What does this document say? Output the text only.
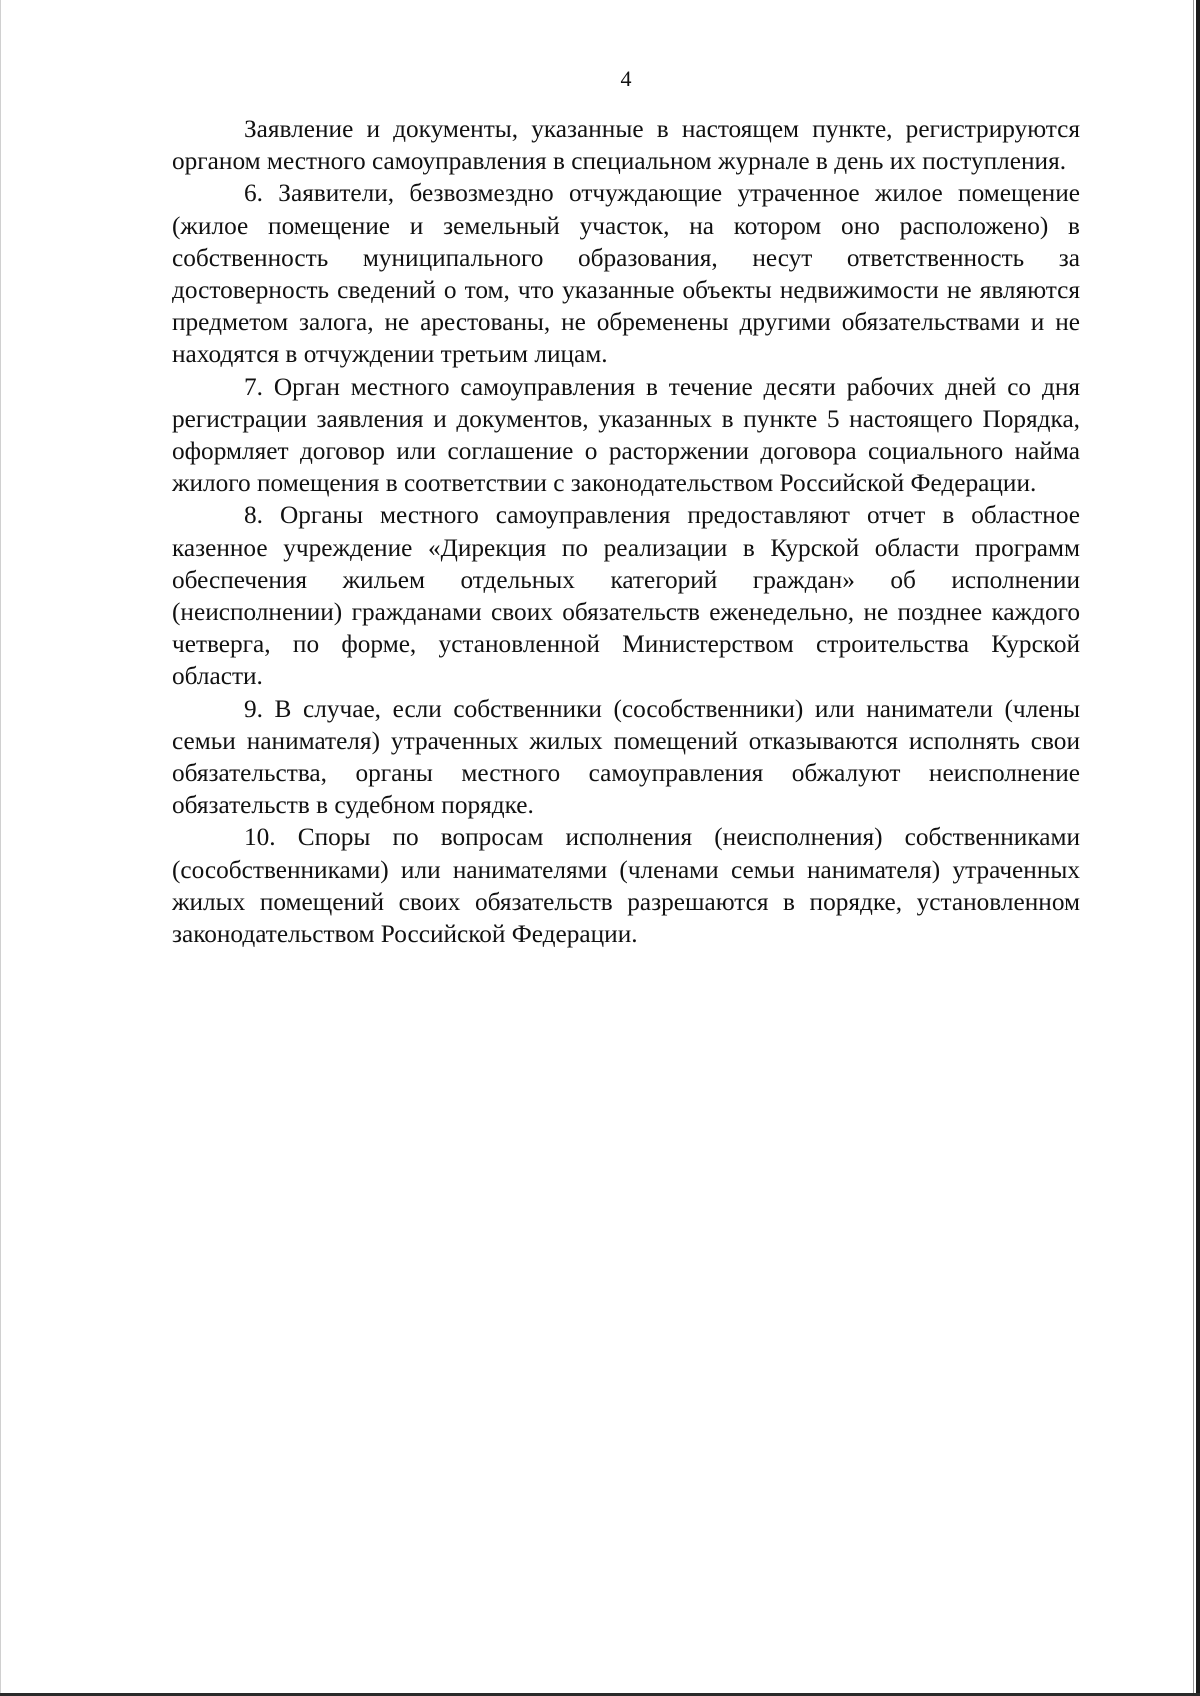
4

Заявление и документы, указанные в настоящем пункте, регистрируются органом местного самоуправления в специальном журнале в день их поступления.

6. Заявители, безвозмездно отчуждающие утраченное жилое помещение (жилое помещение и земельный участок, на котором оно расположено) в собственность муниципального образования, несут ответственность за достоверность сведений о том, что указанные объекты недвижимости не являются предметом залога, не арестованы, не обременены другими обязательствами и не находятся в отчуждении третьим лицам.

7. Орган местного самоуправления в течение десяти рабочих дней со дня регистрации заявления и документов, указанных в пункте 5 настоящего Порядка, оформляет договор или соглашение о расторжении договора социального найма жилого помещения в соответствии с законодательством Российской Федерации.

8. Органы местного самоуправления предоставляют отчет в областное казенное учреждение «Дирекция по реализации в Курской области программ обеспечения жильем отдельных категорий граждан» об исполнении (неисполнении) гражданами своих обязательств еженедельно, не позднее каждого четверга, по форме, установленной Министерством строительства Курской области.

9. В случае, если собственники (сособственники) или наниматели (члены семьи нанимателя) утраченных жилых помещений отказываются исполнять свои обязательства, органы местного самоуправления обжалуют неисполнение обязательств в судебном порядке.

10. Споры по вопросам исполнения (неисполнения) собственниками (сособственниками) или нанимателями (членами семьи нанимателя) утраченных жилых помещений своих обязательств разрешаются в порядке, установленном законодательством Российской Федерации.
